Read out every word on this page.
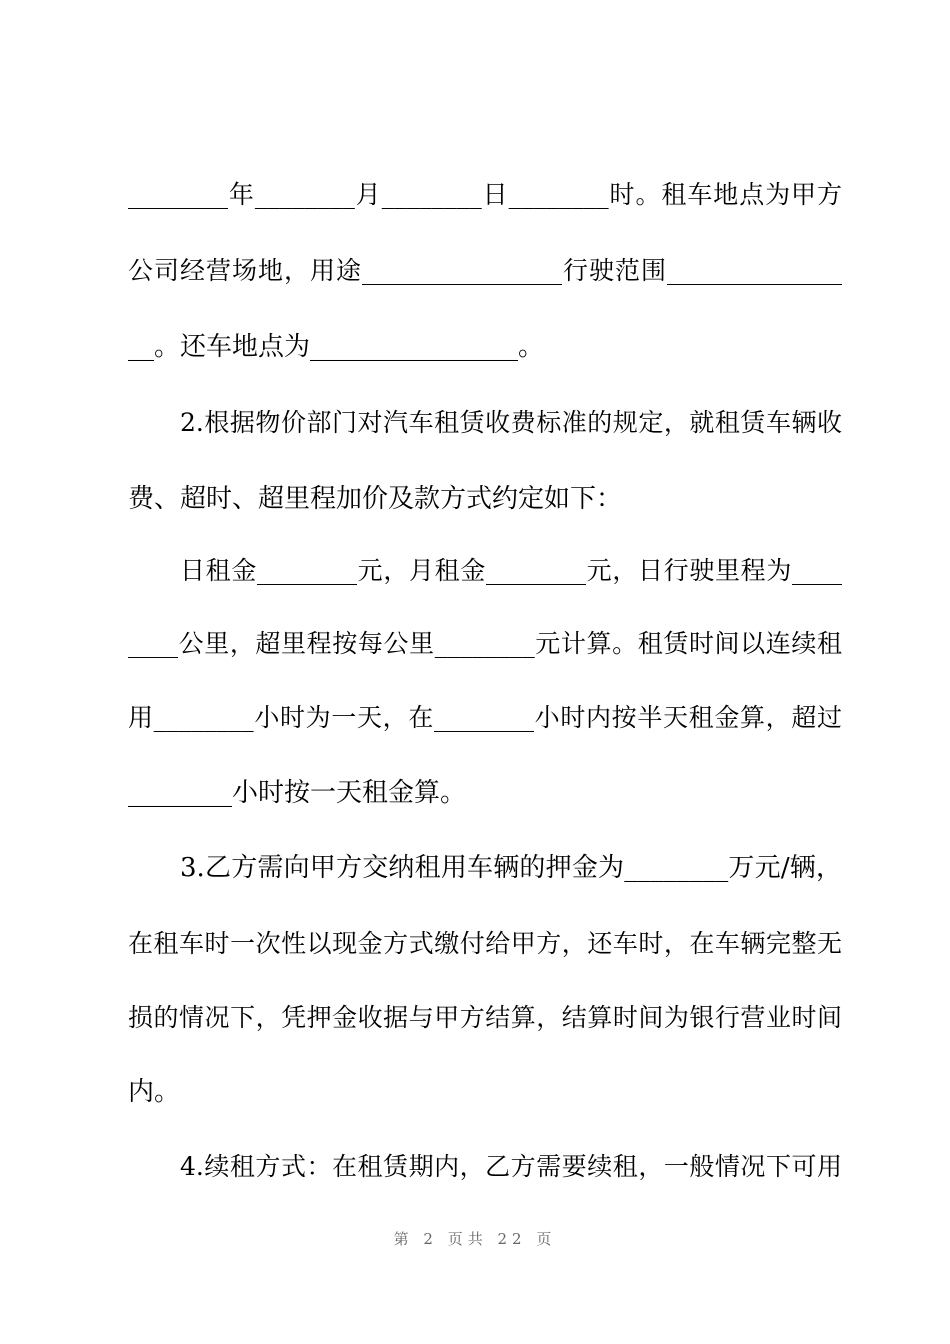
________年________月________日________时。租车地点为甲方
公司经营场地，用途________________行驶范围______________
__。还车地点为________________。
2.根据物价部门对汽车租赁收费标准的规定，就租赁车辆收
费、超时、超里程加价及款方式约定如下：
日租金________元，月租金________元，日行驶里程为____
____公里，超里程按每公里________元计算。租赁时间以连续租
用________小时为一天，在________小时内按半天租金算，超过
________小时按一天租金算。
3.乙方需向甲方交纳租用车辆的押金为________万元/辆，
在租车时一次性以现金方式缴付给甲方，还车时，在车辆完整无
损的情况下，凭押金收据与甲方结算，结算时间为银行营业时间
内。
4.续租方式：在租赁期内，乙方需要续租，一般情况下可用
第 2 页共 22 页
